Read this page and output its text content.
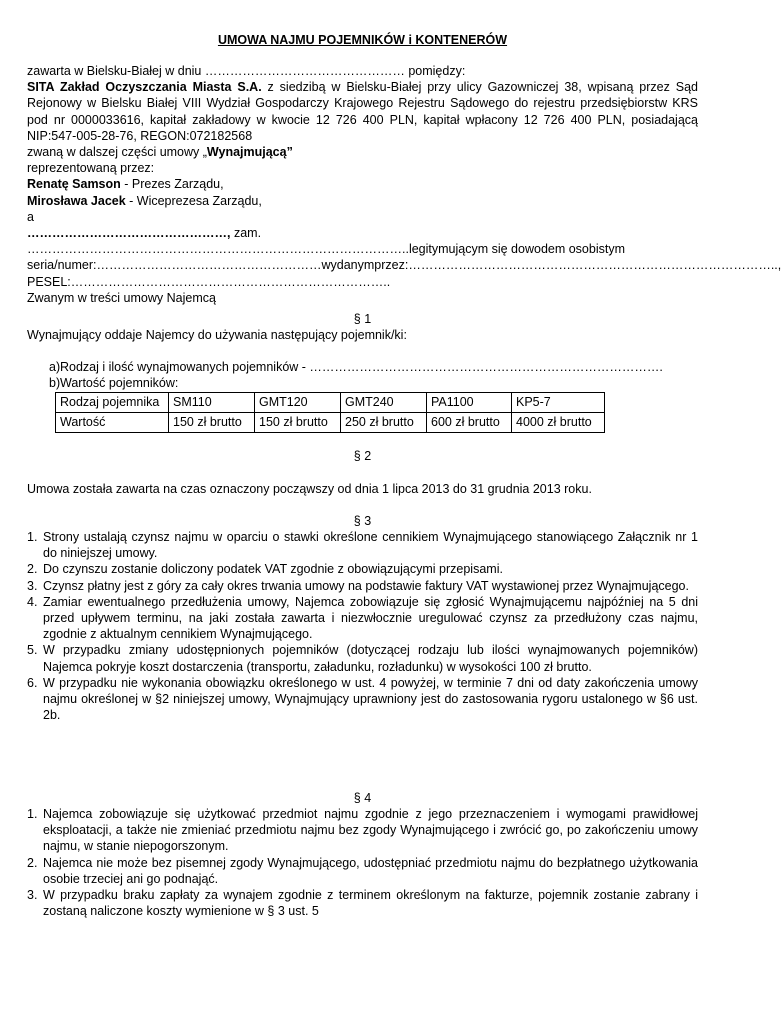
UMOWA NAJMU POJEMNIKÓW i KONTENERÓW
zawarta w Bielsku-Białej w dniu ………………………………………… pomiędzy:
SITA Zakład Oczyszczania Miasta S.A. z siedzibą w Bielsku-Białej przy ulicy Gazowniczej 38, wpisaną przez Sąd Rejonowy w Bielsku Białej VIII Wydział Gospodarczy Krajowego Rejestru Sądowego do rejestru przedsiębiorstw KRS pod nr 0000033616, kapitał zakładowy w kwocie 12 726 400 PLN, kapitał wpłacony 12 726 400 PLN, posiadającą NIP:547-005-28-76, REGON:072182568
zwaną w dalszej części umowy „Wynajmującą”
reprezentowaną przez:
Renatę Samson - Prezes Zarządu,
Mirosława Jacek - Wiceprezesa Zarządu,
a
…………………………………………, zam. ………………………………………………………………………………..legitymującym się dowodem osobistym
seria/numer: ……………………………………………… wydanym przez: ……………………………………………………………………………..,
PESEL:…………………………………………………………………..
Zwanym w treści umowy Najemcą
§ 1
Wynajmujący oddaje Najemcy do używania następujący pojemnik/ki:
a) Rodzaj i ilość wynajmowanych pojemników - ………………………………………………………………………….
b) Wartość pojemników:
Rodzaj pojemnika	SM110	GMT120	GMT240	PA1100	KP5-7
Wartość	150 zł brutto	150 zł brutto	250 zł brutto	600 zł brutto	4000 zł brutto
§ 2
Umowa została zawarta na czas oznaczony począwszy od dnia 1 lipca 2013 do 31 grudnia 2013 roku.
§ 3
1. Strony ustalają czynsz najmu w oparciu o stawki określone cennikiem Wynajmującego stanowiącego Załącznik nr 1 do niniejszej umowy.
2. Do czynszu zostanie doliczony podatek VAT zgodnie z obowiązującymi przepisami.
3. Czynsz płatny jest z góry za cały okres trwania umowy na podstawie faktury VAT wystawionej przez Wynajmującego.
4. Zamiar ewentualnego przedłużenia umowy, Najemca zobowiązuje się zgłosić Wynajmującemu najpóźniej na 5 dni przed upływem terminu, na jaki została zawarta i niezwłocznie uregulować czynsz za przedłużony czas najmu, zgodnie z aktualnym cennikiem Wynajmującego.
5. W przypadku zmiany udostępnionych pojemników (dotyczącej rodzaju lub ilości wynajmowanych pojemników) Najemca pokryje koszt dostarczenia (transportu, załadunku, rozładunku) w wysokości 100 zł brutto.
6. W przypadku nie wykonania obowiązku określonego w ust. 4 powyżej, w terminie 7 dni od daty zakończenia umowy najmu określonej w §2 niniejszej umowy, Wynajmujący uprawniony jest do zastosowania rygoru ustalonego w §6 ust. 2b.
§ 4
1. Najemca zobowiązuje się użytkować przedmiot najmu zgodnie z jego przeznaczeniem i wymogami prawidłowej eksploatacji, a także nie zmieniać przedmiotu najmu bez zgody Wynajmującego i zwrócić go, po zakończeniu umowy najmu, w stanie niepogorszonym.
2. Najemca nie może bez pisemnej zgody Wynajmującego, udostępniać przedmiotu najmu do bezpłatnego użytkowania osobie trzeciej ani go podnająć.
3. W przypadku braku zapłaty za wynajem zgodnie z terminem określonym na fakturze, pojemnik zostanie zabrany i zostaną naliczone koszty wymienione w § 3 ust. 5
